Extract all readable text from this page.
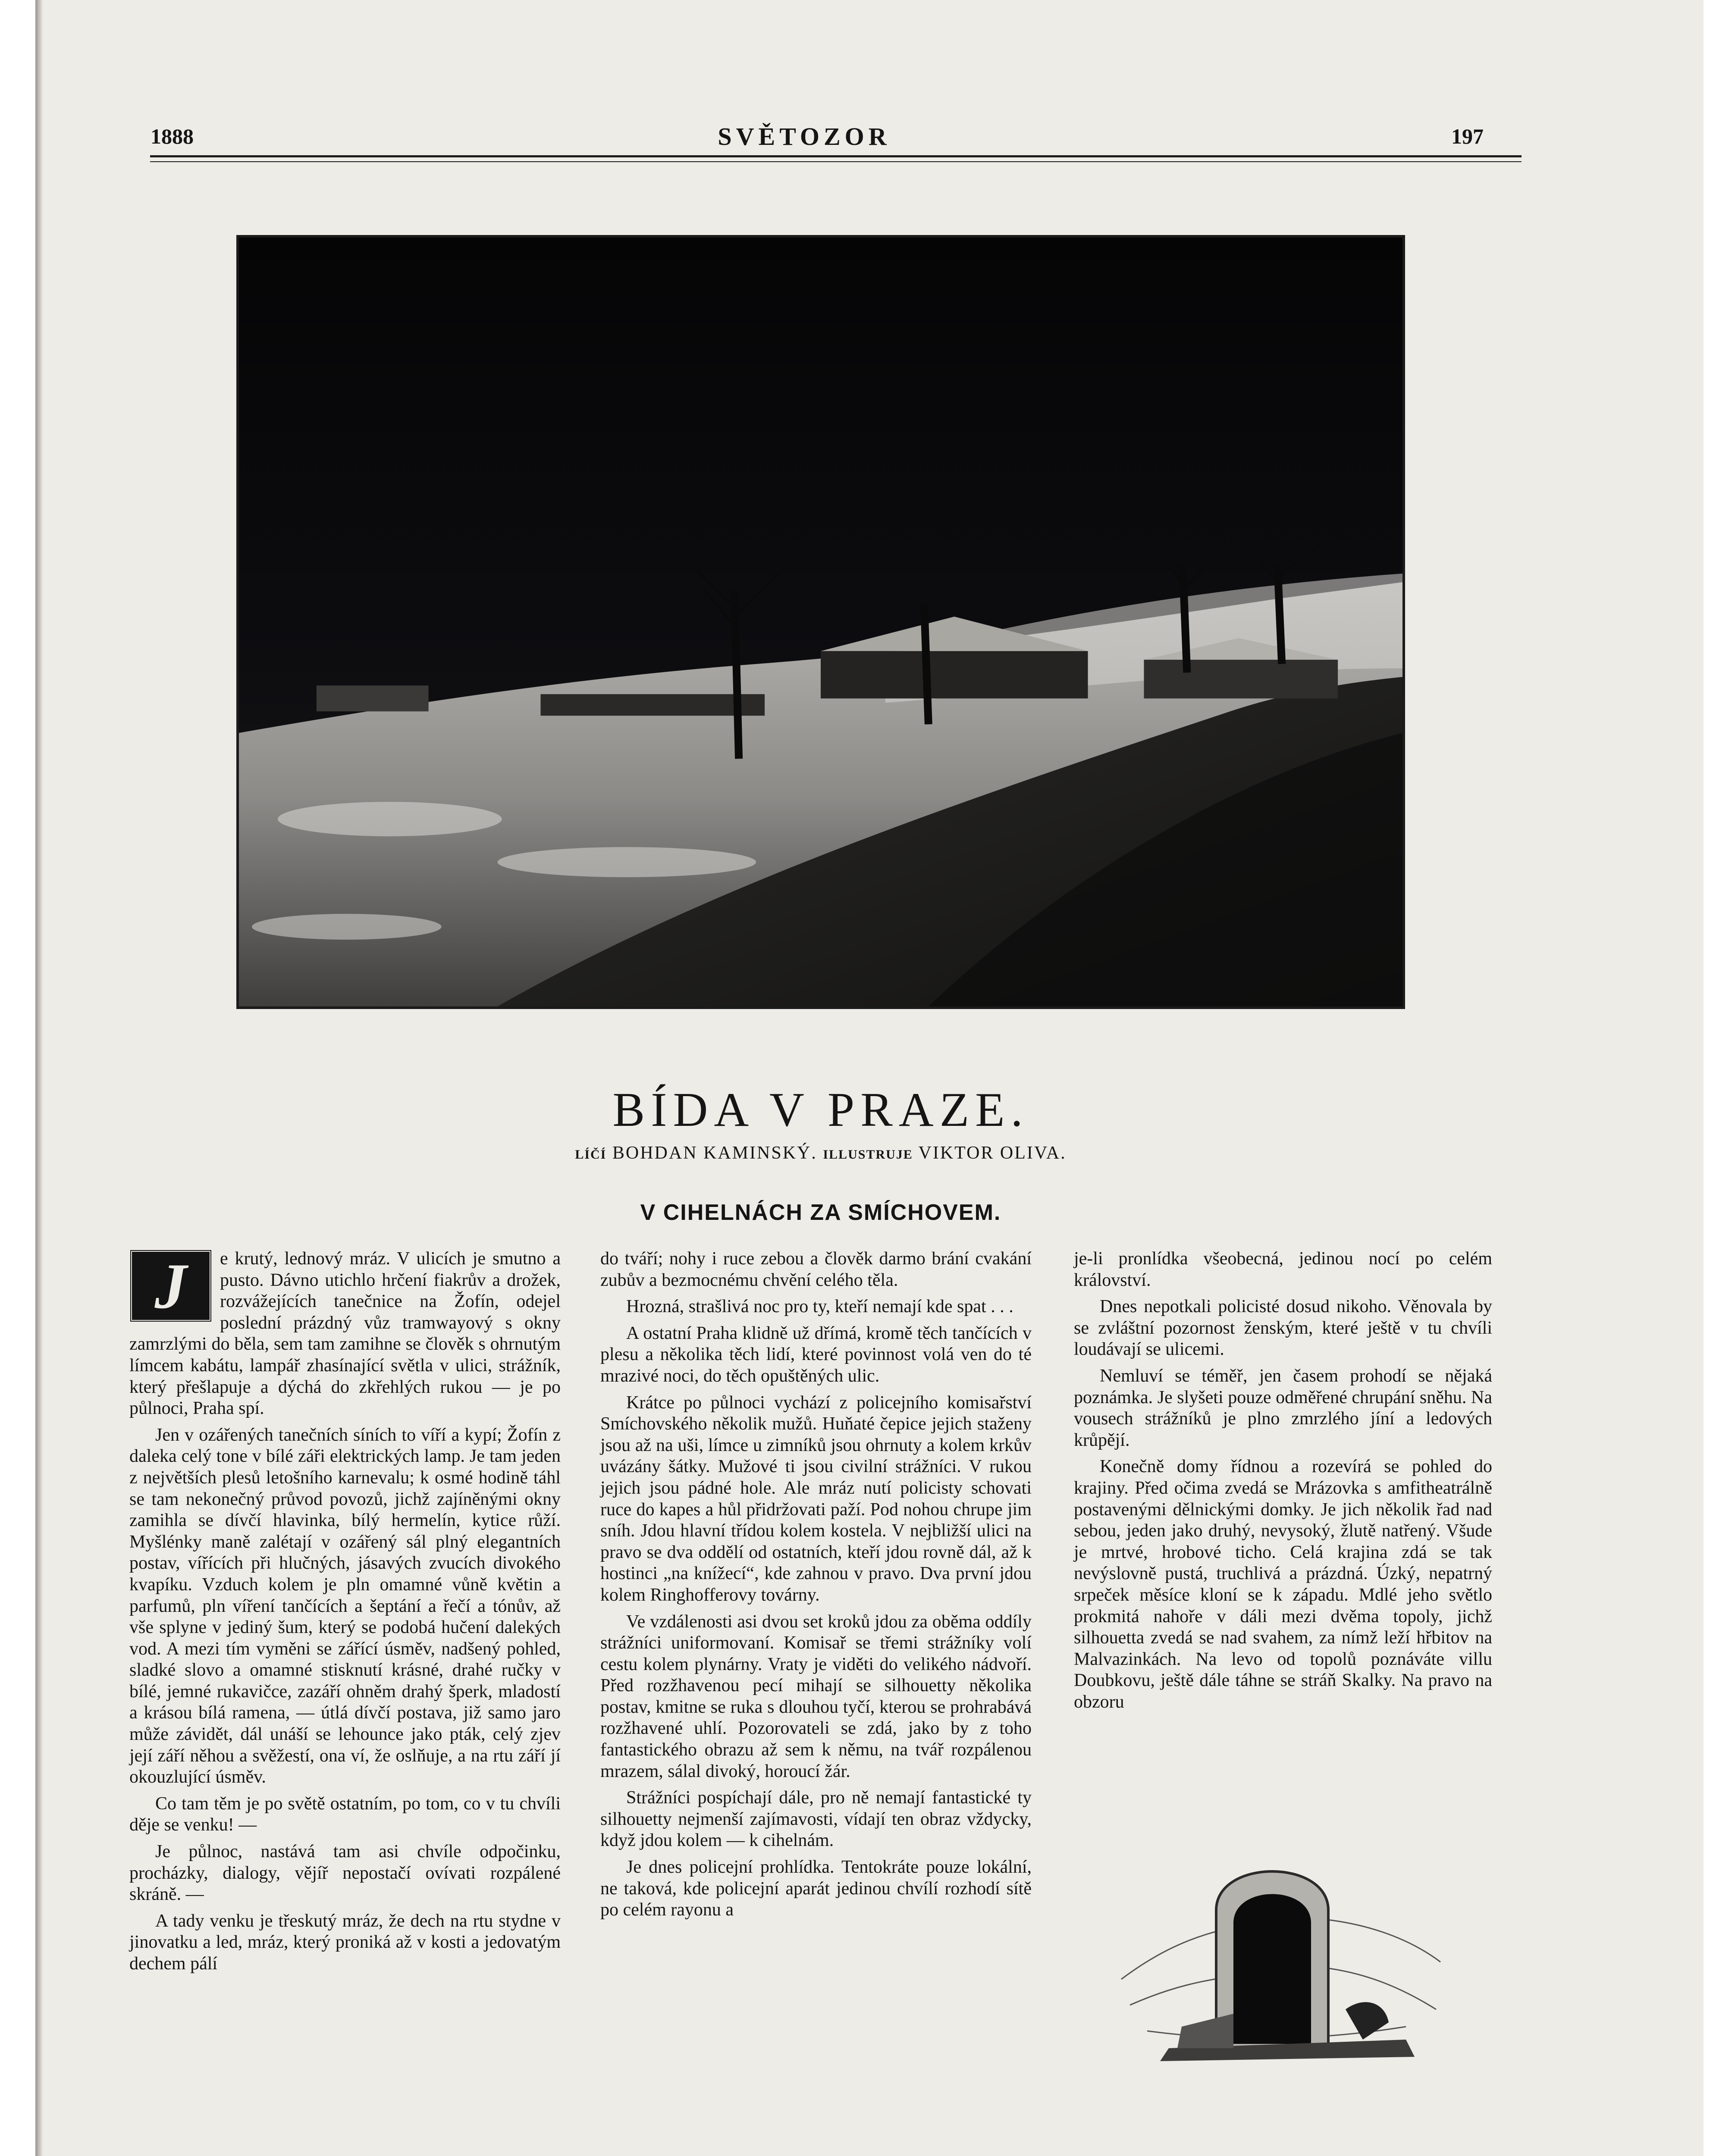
1888	SVĚTOZOR	197
BÍDA V PRAZE.
LÍČÍ BOHDAN KAMINSKÝ. ILLUSTRUJE VIKTOR OLIVA.
V CIHELNÁCH ZA SMÍCHOVEM.
J	e krutý, lednový mráz. V ulicích je smutno a pusto. Dávno utichlo hrčení fiakrův a drožek, rozvážejících tanečnice na Žofín, odejel poslední prázdný vůz tramwayový s okny zamrzlými do běla, sem tam zamihne se člověk s ohrnutým límcem kabátu, lampář zhasínající světla v ulici, strážník, který přešlapuje a dýchá do zkřehlých rukou — je po půlnoci, Praha spí.

Jen v ozářených tanečních síních to víří a kypí; Žofín z daleka celý tone v bílé záři elektrických lamp. Je tam jeden z největších plesů letošního karnevalu; k osmé hodině táhl se tam nekonečný průvod povozů, jichž zajíněnými okny zamihla se dívčí hlavinka, bílý hermelín, kytice růží. Myšlénky maně zalétají v ozářený sál plný elegantních postav, vířících při hlučných, jásavých zvucích divokého kvapíku. Vzduch kolem je pln omamné vůně květin a parfumů, pln víření tančících a šeptání a řečí a tónův, až vše splyne v jediný šum, který se podobá hučení dalekých vod. A mezi tím vyměni se zářící úsměv, nadšený pohled, sladké slovo a omamné stisknutí krásné, drahé ručky v bílé, jemné rukavičce, zazáří ohněm drahý šperk, mladostí a krásou bílá ramena, — útlá dívčí postava, již samo jaro může závidět, dál unáší se lehounce jako pták, celý zjev její září něhou a svěžestí, ona ví, že oslňuje, a na rtu září jí okouzlující úsměv.

Co tam těm je po světě ostatním, po tom, co v tu chvíli děje se venku! —

Je půlnoc, nastává tam asi chvíle odpočinku, procházky, dialogy, vějíř nepostačí ovívati rozpálené skráně. —

A tady venku je třeskutý mráz, že dech na rtu stydne v jinovatku a led, mráz, který proniká až v kosti a jedovatým dechem pálí

do tváří; nohy i ruce zebou a člověk darmo brání cvakání zubův a bezmocnému chvění celého těla.

Hrozná, strašlivá noc pro ty, kteří nemají kde spat . . .

A ostatní Praha klidně už dřímá, kromě těch tančících v plesu a několika těch lidí, které povinnost volá ven do té mrazivé noci, do těch opuštěných ulic.

Krátce po půlnoci vychází z policejního komisařství Smíchovského několik mužů. Huňaté čepice jejich staženy jsou až na uši, límce u zimníků jsou ohrnuty a kolem krkův uvázány šátky. Mužové ti jsou civilní strážníci. V rukou jejich jsou pádné hole. Ale mráz nutí policisty schovati ruce do kapes a hůl přidržovati paží. Pod nohou chrupe jim sníh. Jdou hlavní třídou kolem kostela. V nejbližší ulici na pravo se dva oddělí od ostatních, kteří jdou rovně dál, až k hostinci „na knížecí“, kde zahnou v pravo. Dva první jdou kolem Ringhofferovy továrny.

Ve vzdálenosti asi dvou set kroků jdou za oběma oddíly strážníci uniformovaní. Komisař se třemi strážníky volí cestu kolem plynárny. Vraty je viděti do velikého nádvoří. Před rozžhavenou pecí mihají se silhouetty několika postav, kmitne se ruka s dlouhou tyčí, kterou se prohrabává rozžhavené uhlí. Pozorovateli se zdá, jako by z toho fantastického obrazu až sem k němu, na tvář rozpálenou mrazem, sálal divoký, horoucí žár.

Strážníci pospíchají dále, pro ně nemají fantastické ty silhouetty nejmenší zajímavosti, vídají ten obraz vždycky, když jdou kolem — k cihelnám.

Je dnes policejní prohlídka. Tentokráte pouze lokální, ne taková, kde policejní aparát jedinou chvílí rozhodí sítě po celém rayonu a

je-li pronlídka všeobecná, jedinou nocí po celém království.

Dnes nepotkali policisté dosud nikoho. Věnovala by se zvláštní pozornost ženským, které ještě v tu chvíli loudávají se ulicemi.

Nemluví se téměř, jen časem prohodí se nějaká poznámka. Je slyšeti pouze odměřené chrupání sněhu. Na vousech strážníků je plno zmrzlého jíní a ledových krůpějí.

Konečně domy řídnou a rozevírá se pohled do krajiny. Před očima zvedá se Mrázovka s amfitheatrálně postavenými dělnickými domky. Je jich několik řad nad sebou, jeden jako druhý, nevysoký, žlutě natřený. Všude je mrtvé, hrobové ticho. Celá krajina zdá se tak nevýslovně pustá, truchlivá a prázdná. Úzký, nepatrný srpeček měsíce kloní se k západu. Mdlé jeho světlo prokmitá nahoře v dáli mezi dvěma topoly, jichž silhouetta zvedá se nad svahem, za nímž leží hřbitov na Malvazinkách. Na levo od topolů poznáváte villu Doubkovu, ještě dále táhne se stráň Skalky. Na pravo na obzoru
